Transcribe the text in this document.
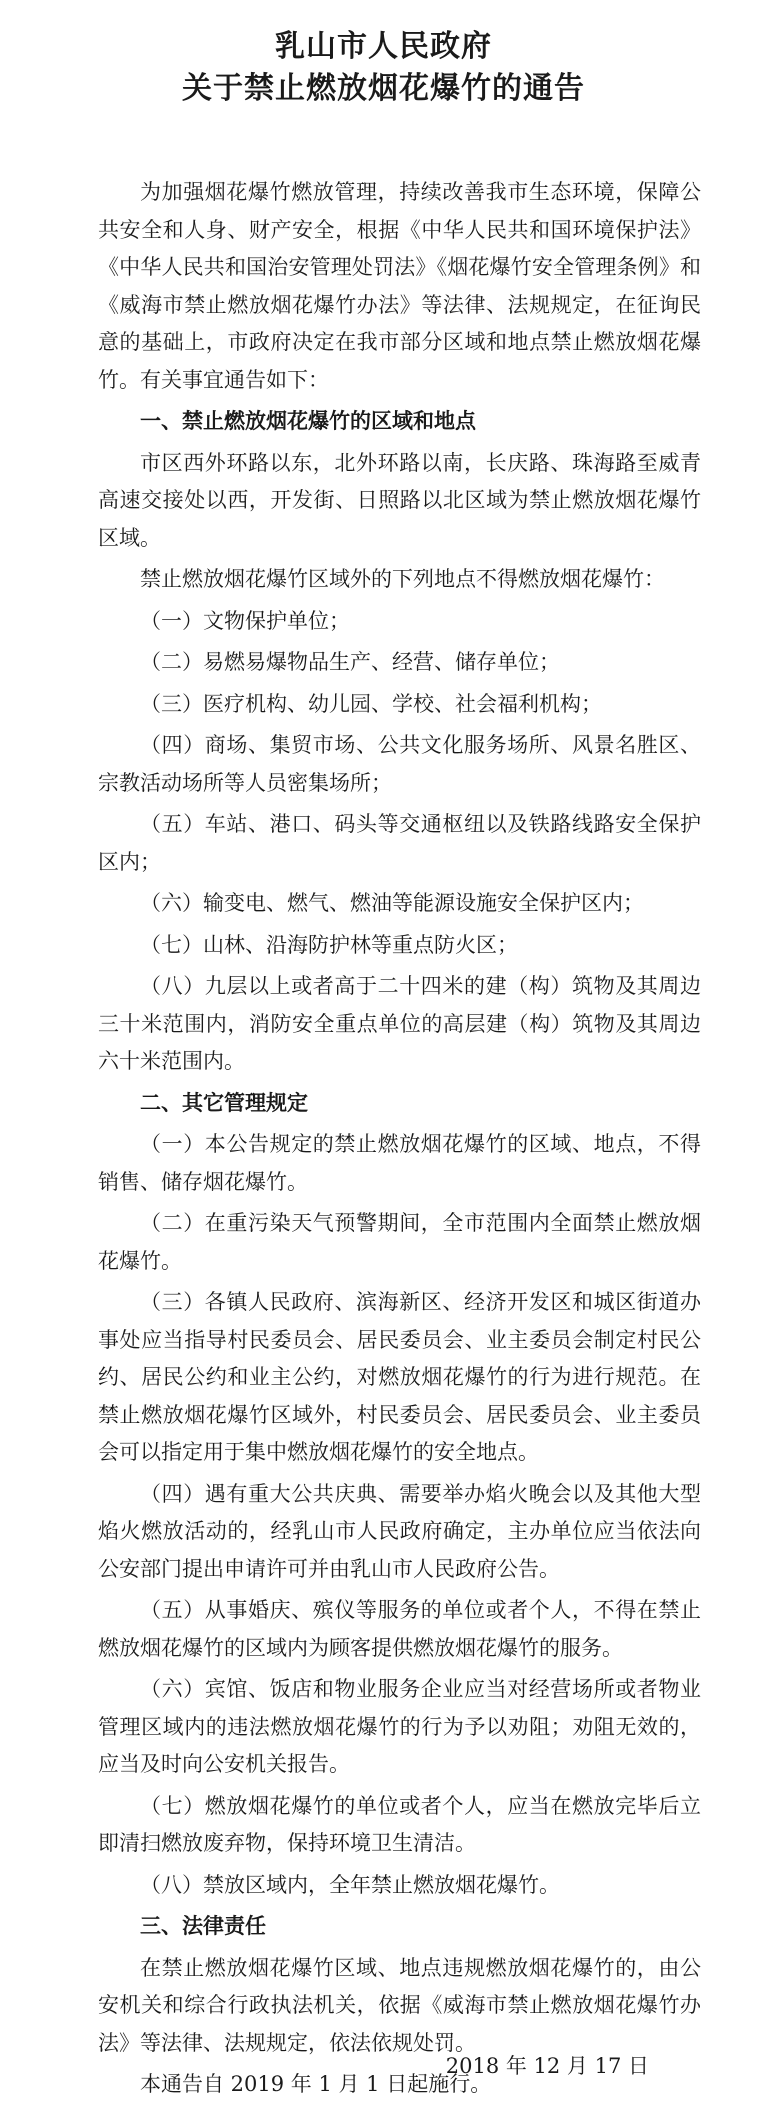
乳山市人民政府
关于禁止燃放烟花爆竹的通告

为加强烟花爆竹燃放管理，持续改善我市生态环境，保障公共安全和人身、财产安全，根据《中华人民共和国环境保护法》《中华人民共和国治安管理处罚法》《烟花爆竹安全管理条例》和《威海市禁止燃放烟花爆竹办法》等法律、法规规定，在征询民意的基础上，市政府决定在我市部分区域和地点禁止燃放烟花爆竹。有关事宜通告如下：

一、禁止燃放烟花爆竹的区域和地点

市区西外环路以东，北外环路以南，长庆路、珠海路至威青高速交接处以西，开发街、日照路以北区域为禁止燃放烟花爆竹区域。

禁止燃放烟花爆竹区域外的下列地点不得燃放烟花爆竹：

（一）文物保护单位；

（二）易燃易爆物品生产、经营、储存单位；

（三）医疗机构、幼儿园、学校、社会福利机构；

（四）商场、集贸市场、公共文化服务场所、风景名胜区、宗教活动场所等人员密集场所；

（五）车站、港口、码头等交通枢纽以及铁路线路安全保护区内；

（六）输变电、燃气、燃油等能源设施安全保护区内；

（七）山林、沿海防护林等重点防火区；

（八）九层以上或者高于二十四米的建（构）筑物及其周边三十米范围内，消防安全重点单位的高层建（构）筑物及其周边六十米范围内。

二、其它管理规定

（一）本公告规定的禁止燃放烟花爆竹的区域、地点，不得销售、储存烟花爆竹。

（二）在重污染天气预警期间，全市范围内全面禁止燃放烟花爆竹。

（三）各镇人民政府、滨海新区、经济开发区和城区街道办事处应当指导村民委员会、居民委员会、业主委员会制定村民公约、居民公约和业主公约，对燃放烟花爆竹的行为进行规范。在禁止燃放烟花爆竹区域外，村民委员会、居民委员会、业主委员会可以指定用于集中燃放烟花爆竹的安全地点。

（四）遇有重大公共庆典、需要举办焰火晚会以及其他大型焰火燃放活动的，经乳山市人民政府确定，主办单位应当依法向公安部门提出申请许可并由乳山市人民政府公告。

（五）从事婚庆、殡仪等服务的单位或者个人，不得在禁止燃放烟花爆竹的区域内为顾客提供燃放烟花爆竹的服务。

（六）宾馆、饭店和物业服务企业应当对经营场所或者物业管理区域内的违法燃放烟花爆竹的行为予以劝阻；劝阻无效的，应当及时向公安机关报告。

（七）燃放烟花爆竹的单位或者个人，应当在燃放完毕后立即清扫燃放废弃物，保持环境卫生清洁。

（八）禁放区域内，全年禁止燃放烟花爆竹。

三、法律责任

在禁止燃放烟花爆竹区域、地点违规燃放烟花爆竹的，由公安机关和综合行政执法机关，依据《威海市禁止燃放烟花爆竹办法》等法律、法规规定，依法依规处罚。

本通告自 2019 年 1 月 1 日起施行。

2018 年 12 月 17 日
